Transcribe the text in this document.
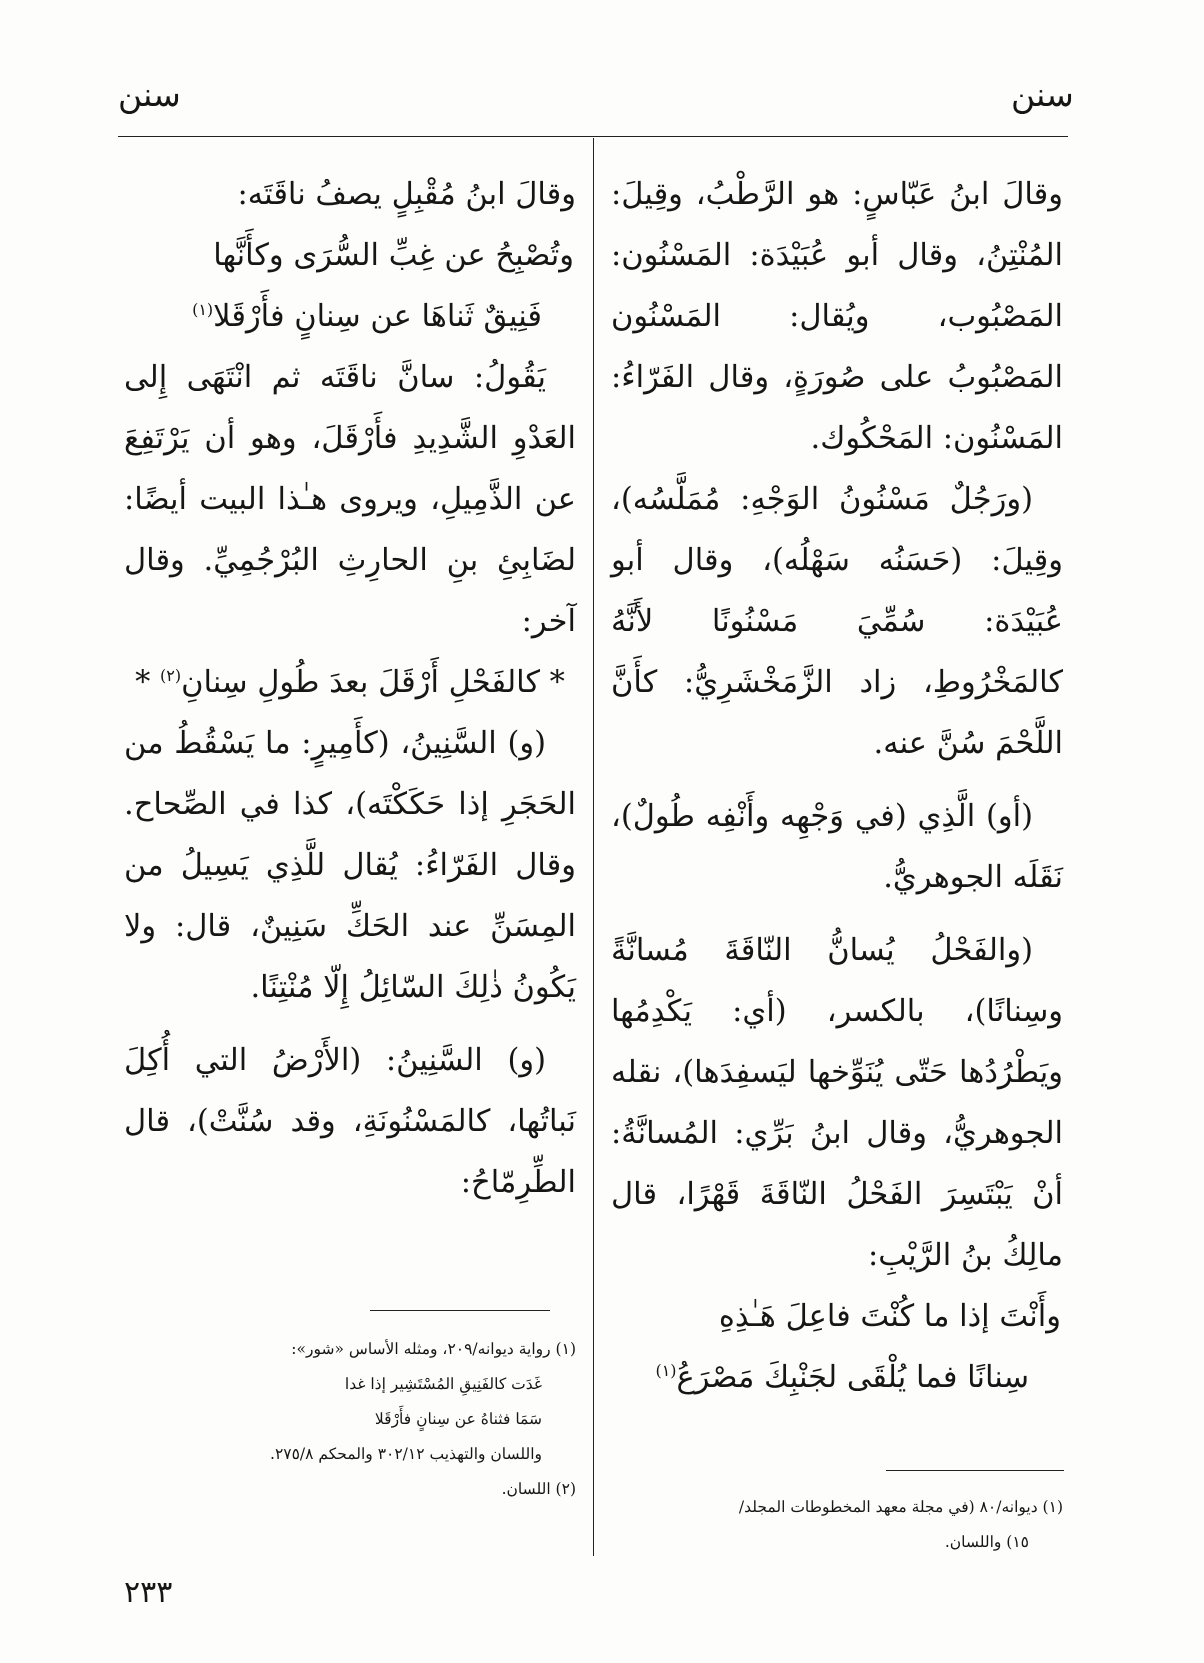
سنن
سنن

وقالَ ابنُ عَبّاسٍ: هو الرَّطْبُ، وقِيلَ: المُنْتِنُ، وقال أبو عُبَيْدَة: المَسْنُون: المَصْبُوب، ويُقال: المَسْنُون المَصْبُوبُ على صُورَةٍ، وقال الفَرّاءُ: المَسْنُون: المَحْكُوك.

(ورَجُلٌ مَسْنُونُ الوَجْهِ: مُمَلَّسُه)، وقِيلَ: (حَسَنُه سَهْلُه)، وقال أبو عُبَيْدَة: سُمِّيَ مَسْنُونًا لأَنَّهُ كالمَخْرُوطِ، زاد الزَّمَخْشَرِيُّ: كأَنَّ اللَّحْمَ سُنَّ عنه.

(أو) الَّذِي (في وَجْهِه وأَنْفِه طُولٌ)، نَقَلَه الجوهريُّ.

(والفَحْلُ يُسانُّ النّاقَةَ مُسانَّةً وسِنانًا)، بالكسر، (أي: يَكْدِمُها ويَطْرُدُها حَتّى يُنَوِّخها ليَسفِدَها)، نقله الجوهريُّ، وقال ابنُ بَرِّي: المُسانَّةُ: أنْ يَبْتَسِرَ الفَحْلُ النّاقَةَ قَهْرًا، قال مالِكُ بنُ الرَّيْبِ:

وأَنْتَ إذا ما كُنْتَ فاعِلَ هَـٰذِهِ

سِنانًا فما يُلْقَى لجَنْبِكَ مَصْرَعُ$^{(١)}$

وقالَ ابنُ مُقْبِلٍ يصفُ ناقَتَه:

وتُصْبِحُ عن غِبِّ السُّرَى وكأَنَّها

فَنِيقٌ ثَناهَا عن سِنانٍ فأَرْقَلا$^{(١)}$

يَقُولُ: سانَّ ناقَتَه ثم انْتَهَى إِلى العَدْوِ الشَّدِيدِ فأَرْقَلَ، وهو أن يَرْتَفِعَ عن الذَّمِيلِ، ويروى هـٰذا البيت أيضًا: لضَابِئِ بنِ الحارِثِ البُرْجُمِيِّ. وقال آخر:

* كالفَحْلِ أَرْقَلَ بعدَ طُولِ سِنانِ$^{(٢)}$ *

(و) السَّنِينُ، (كأَمِيرٍ: ما يَسْقُطُ من الحَجَرِ إذا حَكَكْتَه)، كذا في الصِّحاح. وقال الفَرّاءُ: يُقال للَّذِي يَسِيلُ من المِسَنِّ عند الحَكِّ سَنِينٌ، قال: ولا يَكُونُ ذٰلِكَ السّائِلُ إِلّا مُنْتِنًا.

(و) السَّنِينُ: (الأَرْضُ التي أُكِلَ نَباتُها، كالمَسْنُونَةِ، وقد سُنَّتْ)، قال الطِّرِمّاحُ:

(١) ديوانه/٨٠ (في مجلة معهد المخطوطات المجلد/

١٥) واللسان.

(١) رواية ديوانه/٢٠٩، ومثله الأساس «شور»:

غَدَت كالفَنِيقِ المُسْتَشِير إذا غدا

سَمَا فثناهُ عن سِنانٍ فأَرْقَلا

واللسان والتهذيب ٣٠٢/١٢ والمحكم ٢٧٥/٨.

(٢) اللسان.

٢٣٣
